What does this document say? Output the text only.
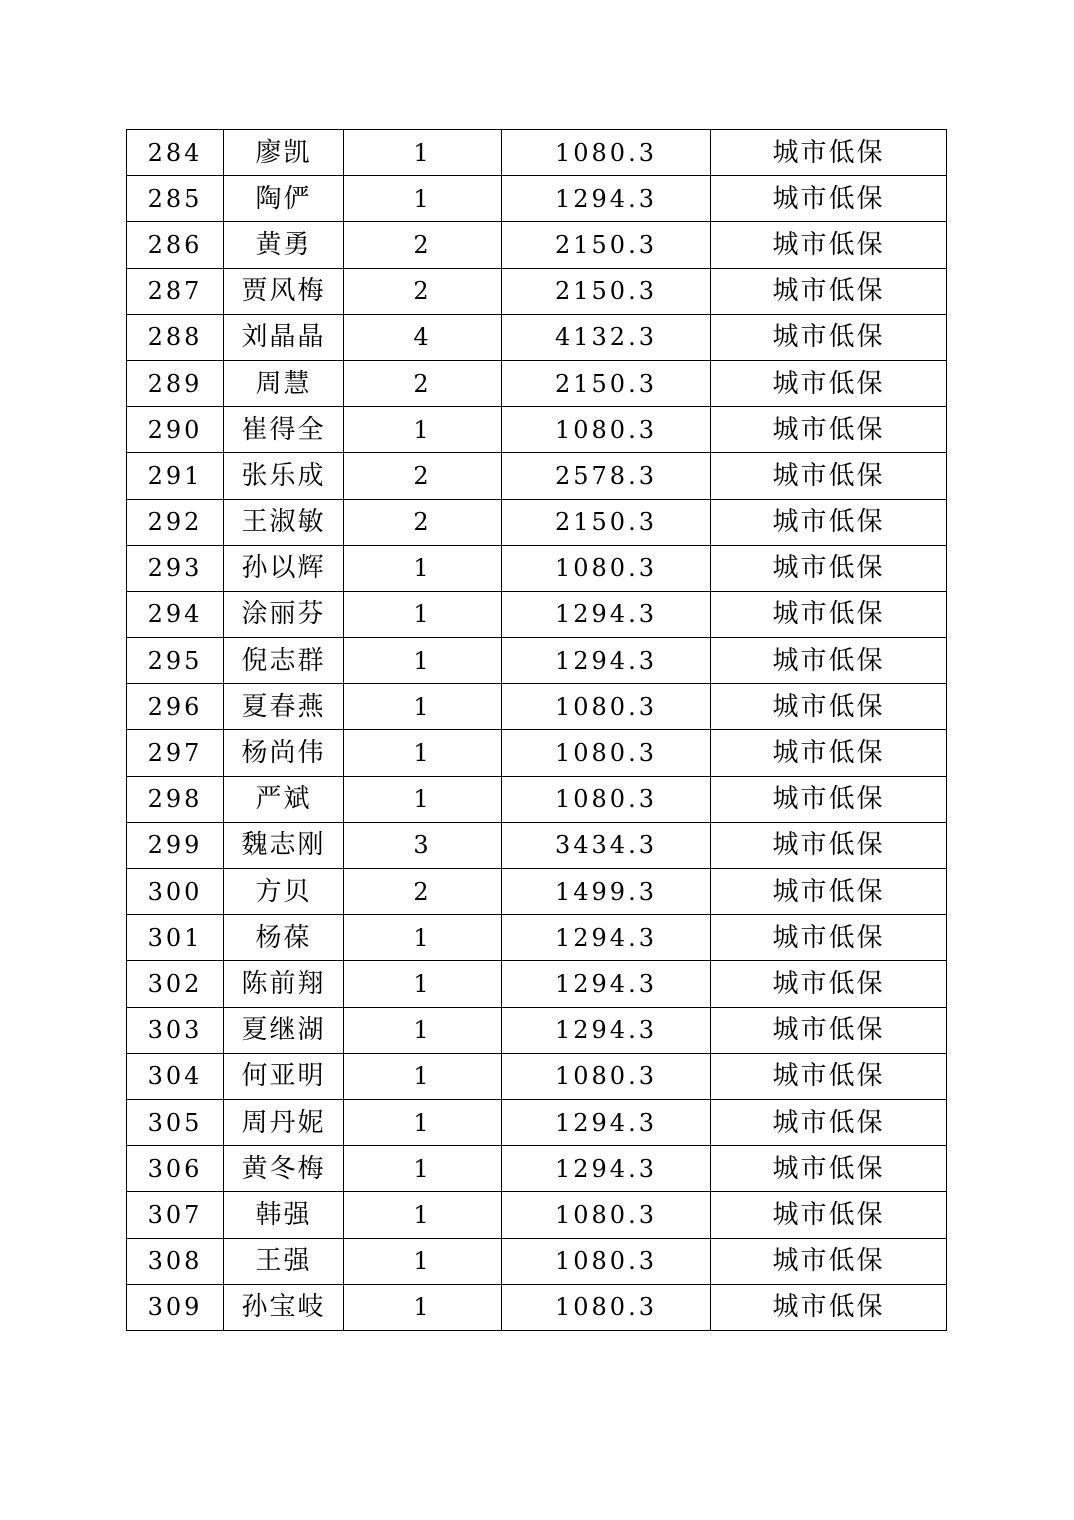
284	廖凯	1	1080.3	城市低保
285	陶俨	1	1294.3	城市低保
286	黄勇	2	2150.3	城市低保
287	贾风梅	2	2150.3	城市低保
288	刘晶晶	4	4132.3	城市低保
289	周慧	2	2150.3	城市低保
290	崔得全	1	1080.3	城市低保
291	张乐成	2	2578.3	城市低保
292	王淑敏	2	2150.3	城市低保
293	孙以辉	1	1080.3	城市低保
294	涂丽芬	1	1294.3	城市低保
295	倪志群	1	1294.3	城市低保
296	夏春燕	1	1080.3	城市低保
297	杨尚伟	1	1080.3	城市低保
298	严斌	1	1080.3	城市低保
299	魏志刚	3	3434.3	城市低保
300	方贝	2	1499.3	城市低保
301	杨葆	1	1294.3	城市低保
302	陈前翔	1	1294.3	城市低保
303	夏继湖	1	1294.3	城市低保
304	何亚明	1	1080.3	城市低保
305	周丹妮	1	1294.3	城市低保
306	黄冬梅	1	1294.3	城市低保
307	韩强	1	1080.3	城市低保
308	王强	1	1080.3	城市低保
309	孙宝岐	1	1080.3	城市低保
